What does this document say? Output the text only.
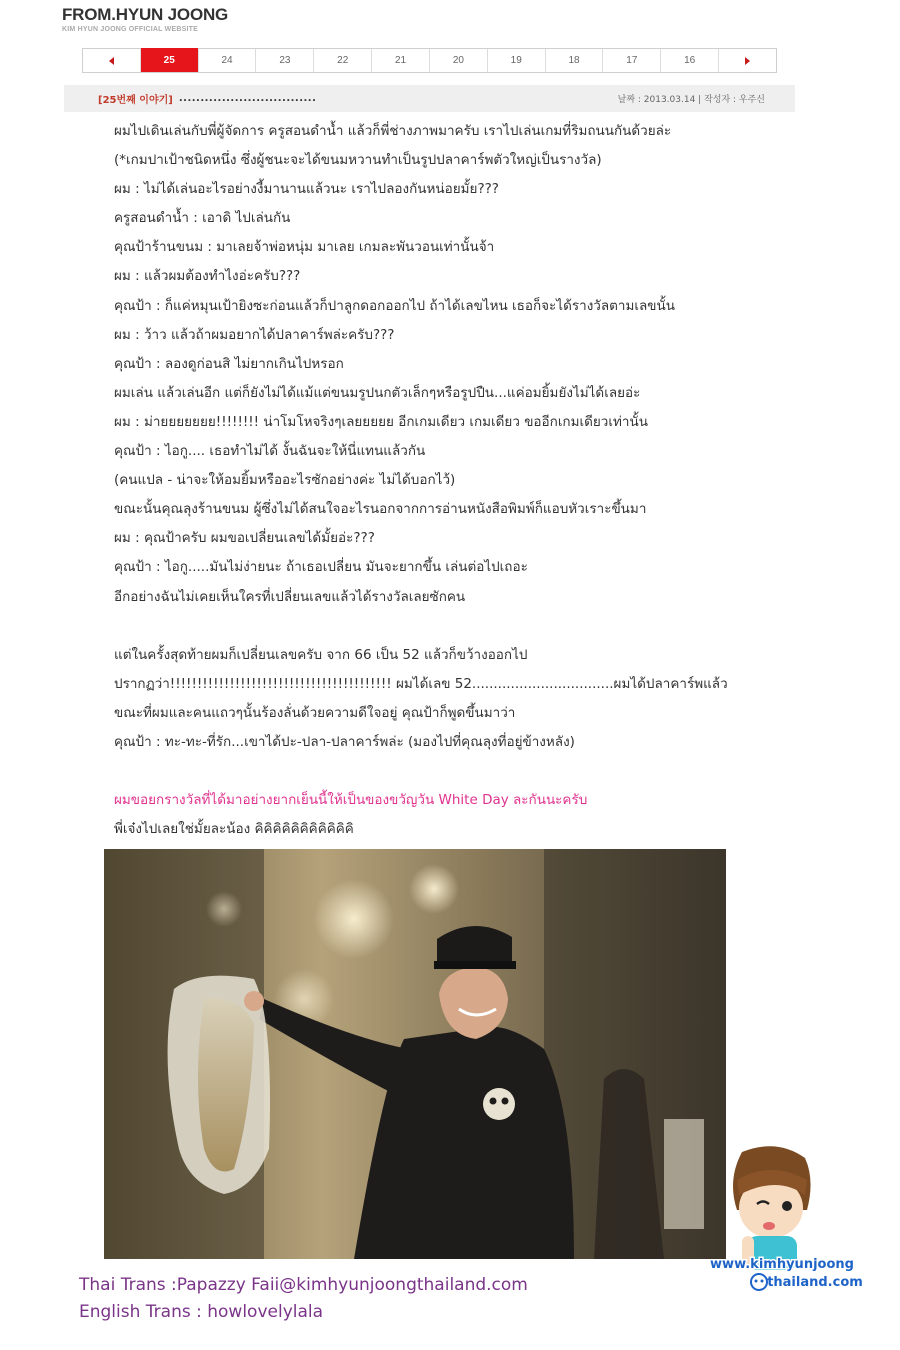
FROM.HYUN JOONG
KIM HYUN JOONG OFFICIAL WEBSITE
25	24	23	22	21	20	19	18	17	16
[25번째 이야기] ................................	날짜 : 2013.03.14 | 작성자 : 우주신
ผมไปเดินเล่นกับพี่ผู้จัดการ ครูสอนดำน้ำ แล้วก็พี่ช่างภาพมาครับ เราไปเล่นเกมที่ริมถนนกันด้วยล่ะ
(*เกมปาเป้าชนิดหนึ่ง ซึ่งผู้ชนะจะได้ขนมหวานทำเป็นรูปปลาคาร์พตัวใหญ่เป็นรางวัล)
ผม : ไม่ได้เล่นอะไรอย่างงี้มานานแล้วนะ เราไปลองกันหน่อยมั้ย???
ครูสอนดำน้ำ : เอาดิ ไปเล่นกัน
คุณป้าร้านขนม : มาเลยจ้าพ่อหนุ่ม มาเลย เกมละพันวอนเท่านั้นจ้า
ผม : แล้วผมต้องทำไงอ่ะครับ???
คุณป้า : ก็แค่หมุนเป้ายิงซะก่อนแล้วก็ปาลูกดอกออกไป ถ้าได้เลขไหน เธอก็จะได้รางวัลตามเลขนั้น
ผม : ว้าว แล้วถ้าผมอยากได้ปลาคาร์พล่ะครับ???
คุณป้า : ลองดูก่อนสิ ไม่ยากเกินไปหรอก
ผมเล่น แล้วเล่นอีก แต่ก็ยังไม่ได้แม้แต่ขนมรูปนกตัวเล็กๆหรือรูปปืน...แค่อมยิ้มยังไม่ได้เลยอ่ะ
ผม : ม่ายยยยยยย!!!!!!!! น่าโมโหจริงๆเลยยยยย อีกเกมเดียว เกมเดียว ขออีกเกมเดียวเท่านั้น
คุณป้า : ไอกู.... เธอทำไม่ได้ งั้นฉันจะให้นี่แทนแล้วกัน
(คนแปล - น่าจะให้อมยิ้มหรืออะไรซักอย่างค่ะ ไม่ได้บอกไว้)
ขณะนั้นคุณลุงร้านขนม ผู้ซึ่งไม่ได้สนใจอะไรนอกจากการอ่านหนังสือพิมพ์ก็แอบหัวเราะขึ้นมา
ผม : คุณป้าครับ ผมขอเปลี่ยนเลขได้มั้ยอ่ะ???
คุณป้า : ไอกู.....มันไม่ง่ายนะ ถ้าเธอเปลี่ยน มันจะยากขึ้น เล่นต่อไปเถอะ
อีกอย่างฉันไม่เคยเห็นใครที่เปลี่ยนเลขแล้วได้รางวัลเลยซักคน
แต่ในครั้งสุดท้ายผมก็เปลี่ยนเลขครับ จาก 66 เป็น 52 แล้วก็ขว้างออกไป
ปรากฏว่า!!!!!!!!!!!!!!!!!!!!!!!!!!!!!!!!!!!!!!!!! ผมได้เลข 52.................................ผมได้ปลาคาร์พแล้ว
ขณะที่ผมและคนแถวๆนั้นร้องลั่นด้วยความดีใจอยู่ คุณป้าก็พูดขึ้นมาว่า
คุณป้า : ทะ-ทะ-ที่รัก...เขาได้ปะ-ปลา-ปลาคาร์พล่ะ (มองไปที่คุณลุงที่อยู่ข้างหลัง)
ผมขอยกรางวัลที่ได้มาอย่างยากเย็นนี้ให้เป็นของขวัญวัน White Day ละกันนะครับ
พี่เจ๋งไปเลยใช่มั้ยละน้อง คิคิคิคิคิคิคิคิคิคิคิ
Thai Trans :Papazzy Faii@kimhyunjoongthailand.com
English Trans : howlovelylala
www.kimhyunjoong
thailand.com
